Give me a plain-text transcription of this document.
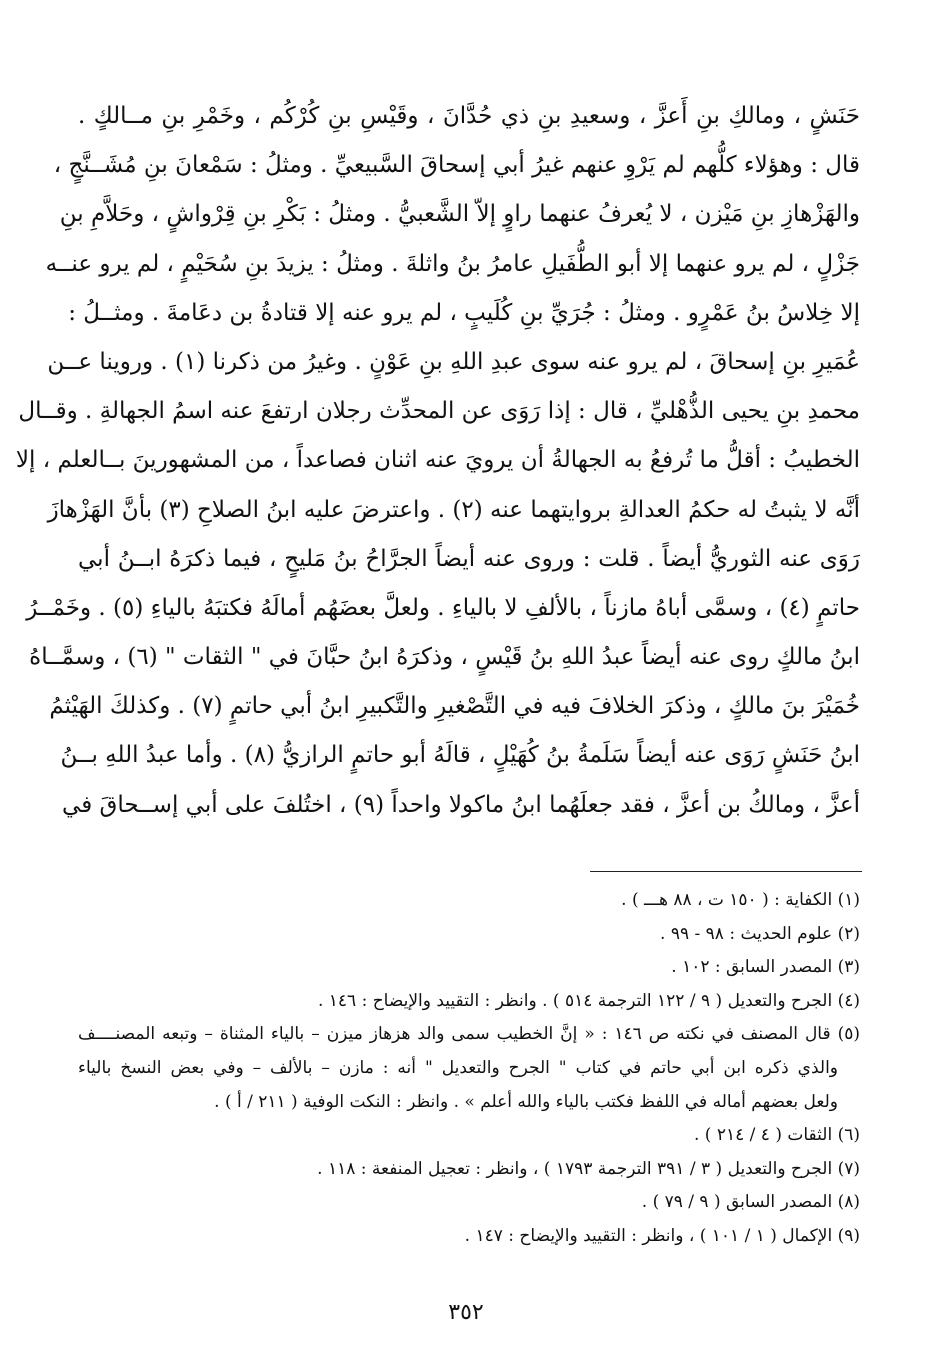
حَنَشٍ ، ومالكِ بنِ أَعزَّ ، وسعيدِ بنِ ذي حُدَّانَ ، وقَيْسِ بنِ كُرْكُم ، وخَمْرِ بنِ مــالكٍ .
قال : وهؤلاء كلُّهم لم يَرْوِ عنهم غيرُ أبي إسحاقَ السَّبيعيِّ . ومثلُ : سَمْعانَ بنِ مُشَــنَّجٍ ،
والهَزْهازِ بنِ مَيْزن ، لا يُعرفُ عنهما راوٍ إلاّ الشَّعبيُّ . ومثلُ : بَكْرِ بنِ قِرْواشٍ ، وحَلاَّمِ بنِ
جَزْلٍ ، لم يرو عنهما إلا أبو الطُّفَيلِ عامرُ بنُ واثلةَ . ومثلُ : يزيدَ بنِ سُحَيْمٍ ، لم يرو عنــه
إلا خِلاسُ بنُ عَمْرٍو . ومثلُ : جُرَيِّ بنِ كُلَيبٍ ، لم يرو عنه إلا قتادةُ بن دعَامةَ . ومثــلُ :
عُمَيرِ بنِ إسحاقَ ، لم يرو عنه سوى عبدِ اللهِ بنِ عَوْنٍ . وغيرُ من ذكرنا (١) . وروينا عــن
محمدِ بنِ يحيى الذُّهْليِّ ، قال : إذا رَوَى عن المحدِّث رجلان ارتفعَ عنه اسمُ الجهالةِ . وقــال
الخطيبُ : أقلُّ ما تُرفعُ به الجهالةُ أن يرويَ عنه اثنان فصاعداً ، من المشهورينَ بــالعلم ، إلا
أنَّه لا يثبتُ له حكمُ العدالةِ بروايتهما عنه (٢) . واعترضَ عليه ابنُ الصلاحِ (٣) بأنَّ الهَزْهازَ
رَوَى عنه الثوريُّ أيضاً . قلت : وروى عنه أيضاً الجرَّاحُ بنُ مَليحٍ ، فيما ذكرَهُ ابــنُ أبي
حاتمٍ (٤) ، وسمَّى أباهُ مازناً ، بالألفِ لا بالياءِ . ولعلَّ بعضَهُم أمالَهُ فكتبَهُ بالياءِ (٥) . وخَمْــرُ
ابنُ مالكٍ روى عنه أيضاً عبدُ اللهِ بنُ قَيْسٍ ، وذكرَهُ ابنُ حبَّانَ في " الثقات " (٦) ، وسمَّــاهُ
خُمَيْرَ بنَ مالكٍ ، وذكرَ الخلافَ فيه في التَّصْغيرِ والتَّكبيرِ ابنُ أبي حاتمٍ (٧) . وكذلكَ الهَيْثمُ
ابنُ حَنَشٍ رَوَى عنه أيضاً سَلَمةُ بنُ كُهَيْلٍ ، قالَهُ أبو حاتمٍ الرازيُّ (٨) . وأما عبدُ اللهِ بــنُ
أعزَّ ، ومالكُ بن أعزَّ ، فقد جعلَهُما ابنُ ماكولا واحداً (٩) ، اختُلفَ على أبي إســحاقَ في
(١) الكفاية : ( ١٥٠ ت ، ٨٨ هـــ ) .
(٢) علوم الحديث : ٩٨ - ٩٩ .
(٣) المصدر السابق : ١٠٢ .
(٤) الجرح والتعديل ( ٩ / ١٢٢ الترجمة ٥١٤ ) . وانظر : التقييد والإيضاح : ١٤٦ .
(٥) قال المصنف في نكته ص ١٤٦ : « إنَّ الخطيب سمى والد هزهاز ميزن – بالياء المثناة – وتبعه المصنــــف
والذي ذكره ابن أبي حاتم في كتاب " الجرح والتعديل " أنه : مازن – بالألف – وفي بعض النسخ بالياء
ولعل بعضهم أماله في اللفظ فكتب بالياء والله أعلم » . وانظر : النكت الوفية ( ٢١١ / أ ) .
(٦) الثقات ( ٤ / ٢١٤ ) .
(٧) الجرح والتعديل ( ٣ / ٣٩١ الترجمة ١٧٩٣ ) ، وانظر : تعجيل المنفعة : ١١٨ .
(٨) المصدر السابق ( ٩ / ٧٩ ) .
(٩) الإكمال ( ١ / ١٠١ ) ، وانظر : التقييد والإيضاح : ١٤٧ .
٣٥٢
